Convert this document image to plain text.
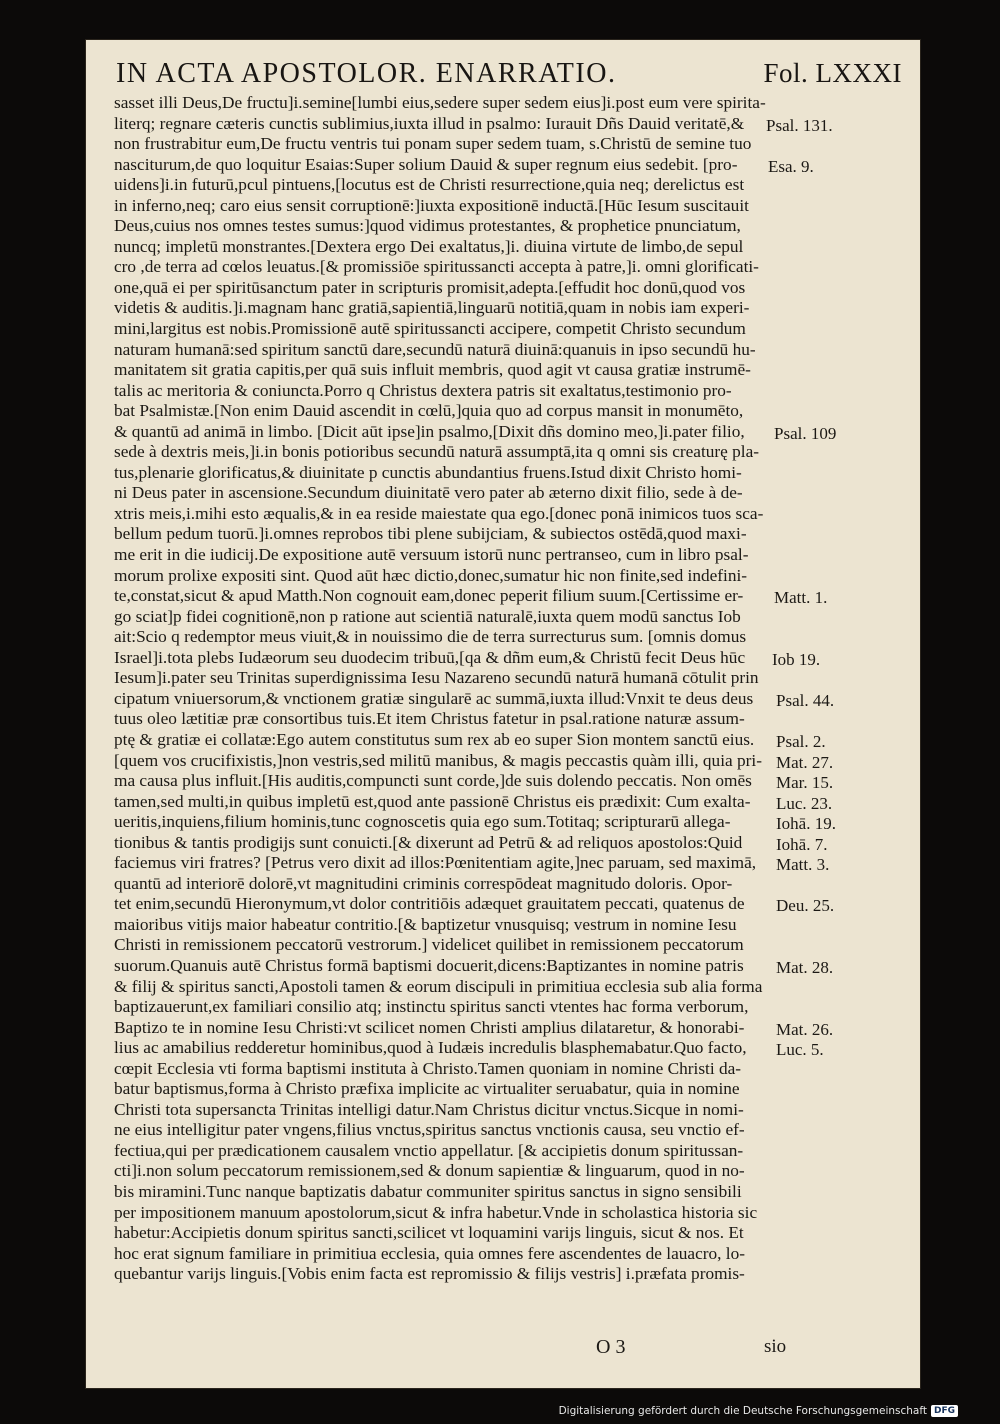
IN ACTA APOSTOLOR. ENARRATIO.	Fol. LXXXI
sasset illi Deus,De fructu]i.semine[lumbi eius,sedere super sedem eius]i.post eum vere spirita-
literq; regnare cæteris cunctis sublimius,iuxta illud in psalmo: Iurauit Dñs Dauid veritatē,&
non frustrabitur eum,De fructu ventris tui ponam super sedem tuam, s.Christū de semine tuo
nasciturum,de quo loquitur Esaias:Super solium Dauid & super regnum eius sedebit. [pro-
uidens]i.in futurū,pcul pintuens,[locutus est de Christi resurrectione,quia neq; derelictus est
in inferno,neq; caro eius sensit corruptionē:]iuxta expositionē inductā.[Hūc Iesum suscitauit
Deus,cuius nos omnes testes sumus:]quod vidimus protestantes, & prophetice pnunciatum,
nuncq; impletū monstrantes.[Dextera ergo Dei exaltatus,]i. diuina virtute de limbo,de sepul
cro ,de terra ad cœlos leuatus.[& promissiōe spiritussancti accepta à patre,]i. omni glorificati-
one,quā ei per spiritūsanctum pater in scripturis promisit,adepta.[effudit hoc donū,quod vos
videtis & auditis.]i.magnam hanc gratiā,sapientiā,linguarū notitiā,quam in nobis iam experi-
mini,largitus est nobis.Promissionē autē spiritussancti accipere, competit Christo secundum
naturam humanā:sed spiritum sanctū dare,secundū naturā diuinā:quanuis in ipso secundū hu-
manitatem sit gratia capitis,per quā suis influit membris, quod agit vt causa gratiæ instrumē-
talis ac meritoria & coniuncta.Porro q Christus dextera patris sit exaltatus,testimonio pro-
bat Psalmistæ.[Non enim Dauid ascendit in cœlū,]quia quo ad corpus mansit in monumēto,
& quantū ad animā in limbo. [Dicit aūt ipse]in psalmo,[Dixit dñs domino meo,]i.pater filio,
sede à dextris meis,]i.in bonis potioribus secundū naturā assumptā,ita q omni sis creaturę pla-
tus,plenarie glorificatus,& diuinitate p cunctis abundantius fruens.Istud dixit Christo homi-
ni Deus pater in ascensione.Secundum diuinitatē vero pater ab æterno dixit filio, sede à de-
xtris meis,i.mihi esto æqualis,& in ea reside maiestate qua ego.[donec ponā inimicos tuos sca-
bellum pedum tuorū.]i.omnes reprobos tibi plene subijciam, & subiectos ostēdā,quod maxi-
me erit in die iudicij.De expositione autē versuum istorū nunc pertranseo, cum in libro psal-
morum prolixe expositi sint. Quod aūt hæc dictio,donec,sumatur hic non finite,sed indefini-
te,constat,sicut & apud Matth.Non cognouit eam,donec peperit filium suum.[Certissime er-
go sciat]p fidei cognitionē,non p ratione aut scientiā naturalē,iuxta quem modū sanctus Iob
ait:Scio q redemptor meus viuit,& in nouissimo die de terra surrecturus sum. [omnis domus
Israel]i.tota plebs Iudæorum seu duodecim tribuū,[qa & dñm eum,& Christū fecit Deus hūc
Iesum]i.pater seu Trinitas superdignissima Iesu Nazareno secundū naturā humanā cōtulit prin
cipatum vniuersorum,& vnctionem gratiæ singularē ac summā,iuxta illud:Vnxit te deus deus
tuus oleo lætitiæ præ consortibus tuis.Et item Christus fatetur in psal.ratione naturæ assum-
ptę & gratiæ ei collatæ:Ego autem constitutus sum rex ab eo super Sion montem sanctū eius.
[quem vos crucifixistis,]non vestris,sed militū manibus, & magis peccastis quàm illi, quia pri-
ma causa plus influit.[His auditis,compuncti sunt corde,]de suis dolendo peccatis. Non omēs
tamen,sed multi,in quibus impletū est,quod ante passionē Christus eis prædixit: Cum exalta-
ueritis,inquiens,filium hominis,tunc cognoscetis quia ego sum.Totitaq; scripturarū allega-
tionibus & tantis prodigijs sunt conuicti.[& dixerunt ad Petrū & ad reliquos apostolos:Quid
faciemus viri fratres? [Petrus vero dixit ad illos:Pœnitentiam agite,]nec paruam, sed maximā,
quantū ad interiorē dolorē,vt magnitudini criminis correspōdeat magnitudo doloris. Opor-
tet enim,secundū Hieronymum,vt dolor contritiōis adæquet grauitatem peccati, quatenus de
maioribus vitijs maior habeatur contritio.[& baptizetur vnusquisq; vestrum in nomine Iesu
Christi in remissionem peccatorū vestrorum.] videlicet quilibet in remissionem peccatorum
suorum.Quanuis autē Christus formā baptismi docuerit,dicens:Baptizantes in nomine patris
& filij & spiritus sancti,Apostoli tamen & eorum discipuli in primitiua ecclesia sub alia forma
baptizauerunt,ex familiari consilio atq; instinctu spiritus sancti vtentes hac forma verborum,
Baptizo te in nomine Iesu Christi:vt scilicet nomen Christi amplius dilataretur, & honorabi-
lius ac amabilius redderetur hominibus,quod à Iudæis incredulis blasphemabatur.Quo facto,
cœpit Ecclesia vti forma baptismi instituta à Christo.Tamen quoniam in nomine Christi da-
batur baptismus,forma à Christo præfixa implicite ac virtualiter seruabatur, quia in nomine
Christi tota supersancta Trinitas intelligi datur.Nam Christus dicitur vnctus.Sicque in nomi-
ne eius intelligitur pater vngens,filius vnctus,spiritus sanctus vnctionis causa, seu vnctio ef-
fectiua,qui per prædicationem causalem vnctio appellatur. [& accipietis donum spiritussan-
cti]i.non solum peccatorum remissionem,sed & donum sapientiæ & linguarum, quod in no-
bis miramini.Tunc nanque baptizatis dabatur communiter spiritus sanctus in signo sensibili
per impositionem manuum apostolorum,sicut & infra habetur.Vnde in scholastica historia sic
habetur:Accipietis donum spiritus sancti,scilicet vt loquamini varijs linguis, sicut & nos. Et
hoc erat signum familiare in primitiua ecclesia, quia omnes fere ascendentes de lauacro, lo-
quebantur varijs linguis.[Vobis enim facta est repromissio & filijs vestris] i.præfata promis-
Psal. 131.
Esa. 9.
Psal. 109
Matt. 1.
Iob 19.
Psal. 44.
Psal. 2.
Mat. 27.
Mar. 15.
Luc. 23.
Iohā. 19.
Iohā. 7.
Matt. 3.
Deu. 25.
Mat. 28.
Mat. 26.
Luc. 5.
O 3	sio
Digitalisierung gefördert durch die Deutsche Forschungsgemeinschaft DFG
